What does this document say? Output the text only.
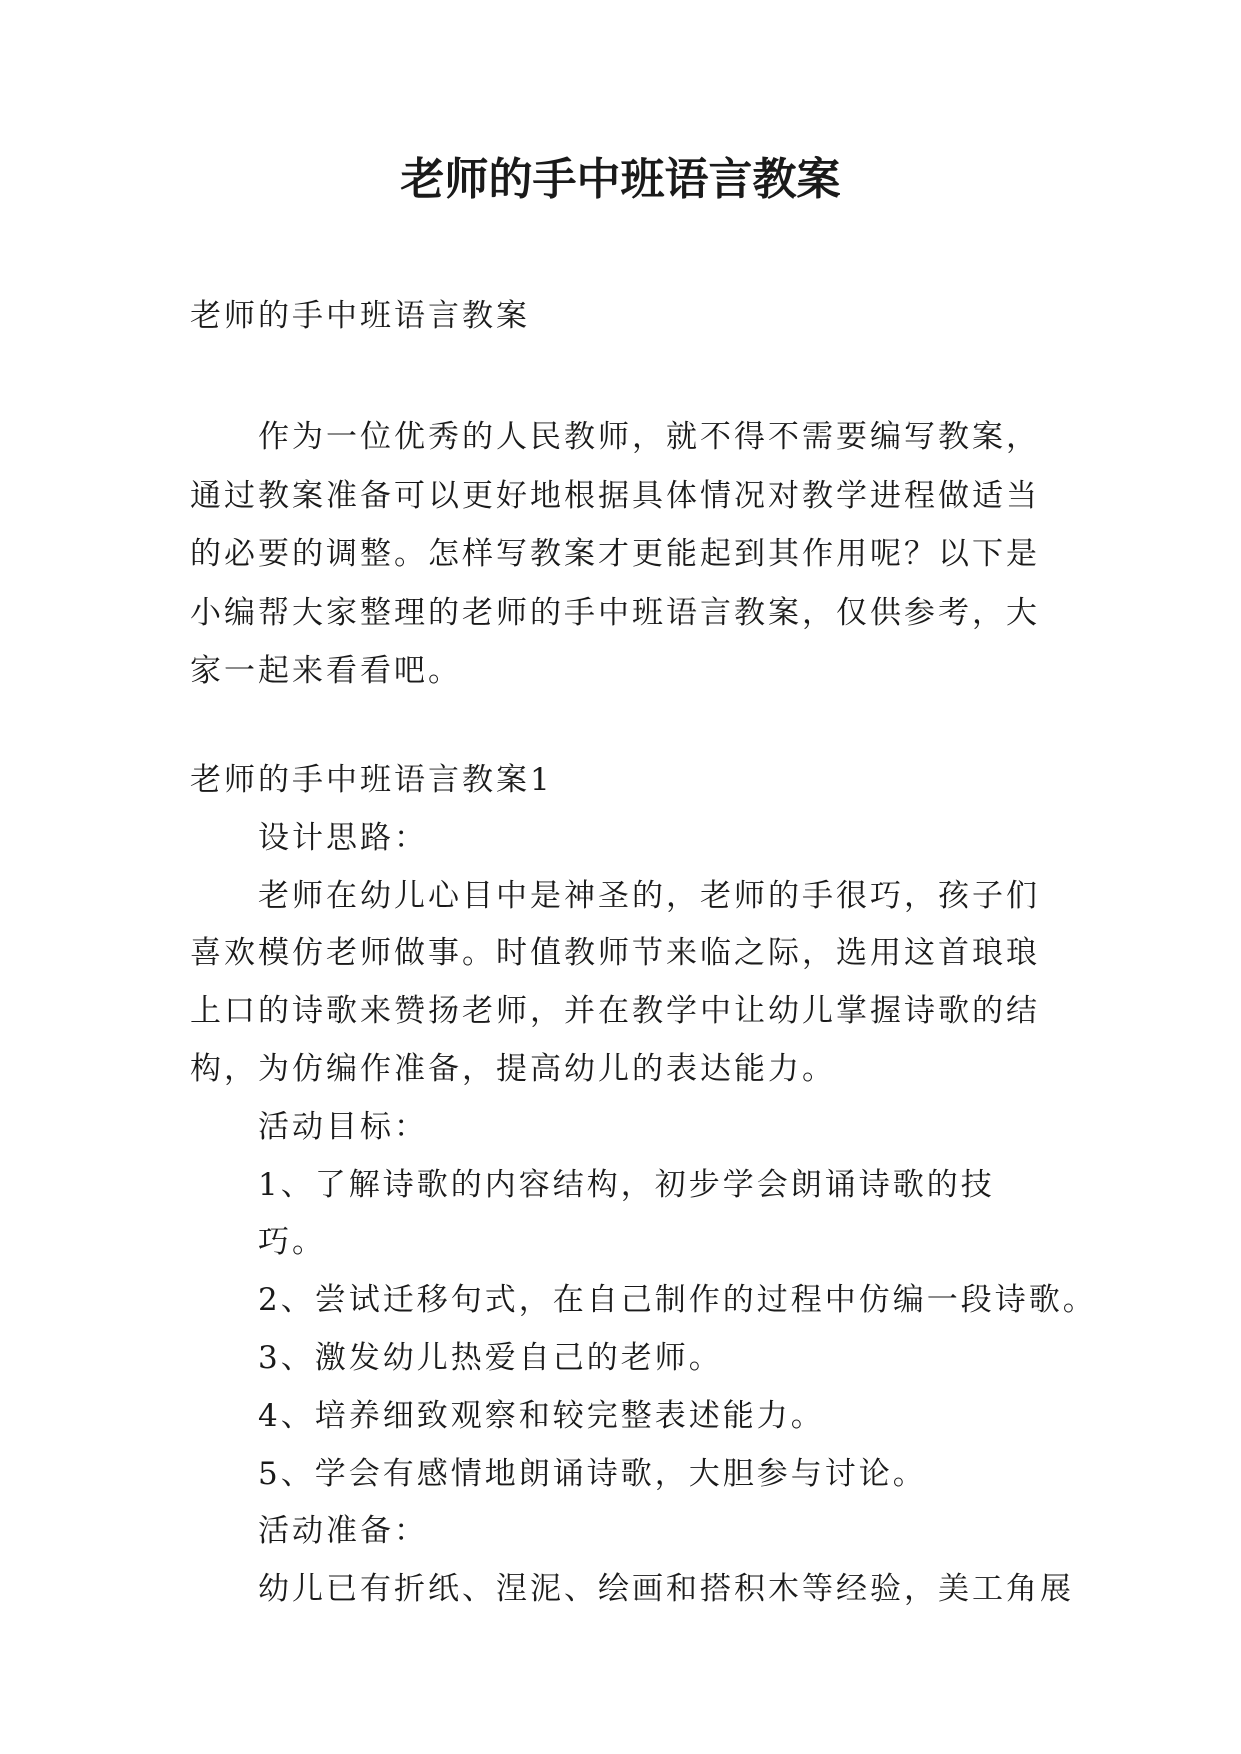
老师的手中班语言教案

老师的手中班语言教案

作为一位优秀的人民教师，就不得不需要编写教案，通过教案准备可以更好地根据具体情况对教学进程做适当的必要的调整。怎样写教案才更能起到其作用呢？以下是小编帮大家整理的老师的手中班语言教案，仅供参考，大家一起来看看吧。

老师的手中班语言教案1
设计思路：
老师在幼儿心目中是神圣的，老师的手很巧，孩子们喜欢模仿老师做事。时值教师节来临之际，选用这首琅琅上口的诗歌来赞扬老师，并在教学中让幼儿掌握诗歌的结构，为仿编作准备，提高幼儿的表达能力。
活动目标：
1、了解诗歌的内容结构，初步学会朗诵诗歌的技巧。
2、尝试迁移句式，在自己制作的过程中仿编一段诗歌。
3、激发幼儿热爱自己的老师。
4、培养细致观察和较完整表述能力。
5、学会有感情地朗诵诗歌，大胆参与讨论。
活动准备：
幼儿已有折纸、涅泥、绘画和搭积木等经验，美工角展
